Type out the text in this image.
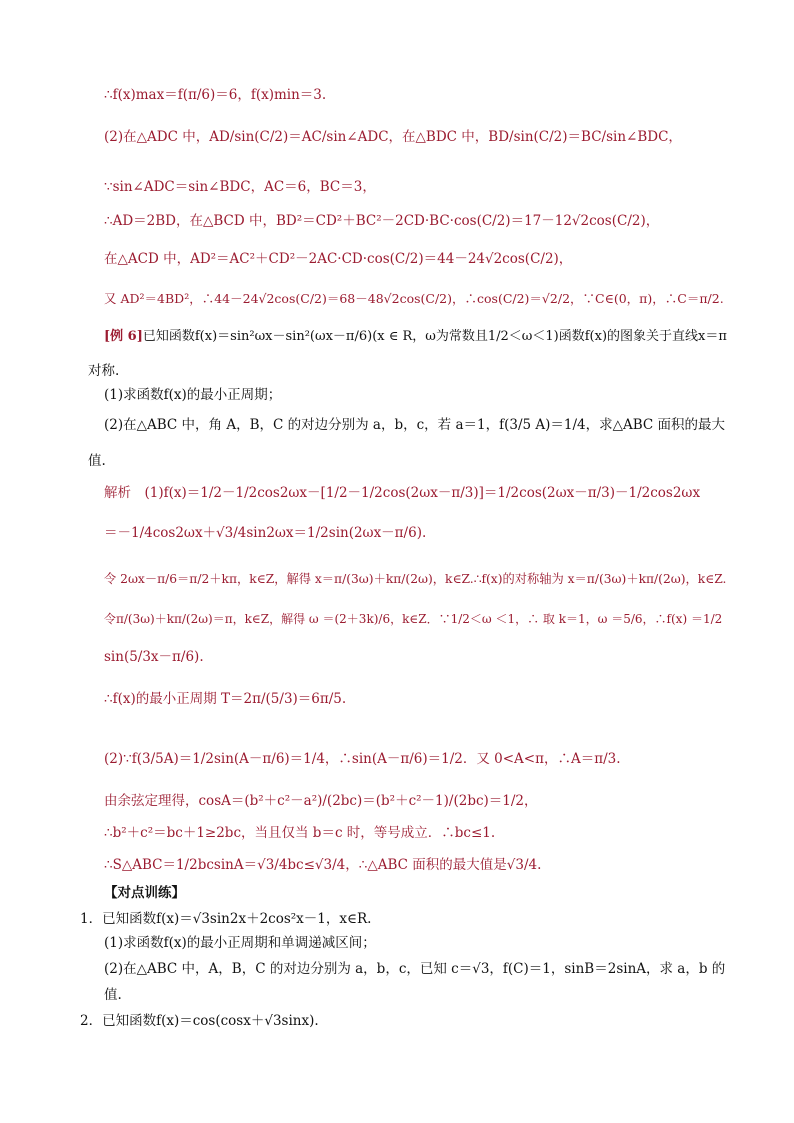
∴f(x)max＝f(π/6)＝6，f(x)min＝3.
(2)在△ADC 中，AD/sin(C/2)＝AC/sin∠ADC，在△BDC 中，BD/sin(C/2)＝BC/sin∠BDC，
∵sin∠ADC＝sin∠BDC，AC＝6，BC＝3，
∴AD＝2BD，在△BCD 中，BD²＝CD²＋BC²－2CD·BC·cos(C/2)＝17－12√2cos(C/2)，
在△ACD 中，AD²＝AC²＋CD²－2AC·CD·cos(C/2)＝44－24√2cos(C/2)，
又 AD²＝4BD²，∴44－24√2cos(C/2)＝68－48√2cos(C/2)，∴cos(C/2)＝√2/2，∵C∈(0，π)，∴C＝π/2.
[例 6]已知函数f(x)＝sin²ωx－sin²(ωx－π/6)(x ∈ R，ω为常数且1/2＜ω＜1)函数f(x)的图象关于直线x＝π
对称.
(1)求函数f(x)的最小正周期；
(2)在△ABC 中，角 A，B，C 的对边分别为 a，b，c，若 a＝1，f(3/5 A)＝1/4，求△ABC 面积的最大
值.
解析　(1)f(x)＝1/2－1/2cos2ωx－[1/2－1/2cos(2ωx－π/3)]＝1/2cos(2ωx－π/3)－1/2cos2ωx
＝－1/4cos2ωx＋√3/4sin2ωx＝1/2sin(2ωx－π/6).
令 2ωx－π/6＝π/2＋kπ，k∈Z，解得 x＝π/(3ω)＋kπ/(2ω)，k∈Z.∴f(x)的对称轴为 x＝π/(3ω)＋kπ/(2ω)，k∈Z.
令π/(3ω)＋kπ/(2ω)＝π，k∈Z，解得 ω ＝(2＋3k)/6，k∈Z．∵1/2＜ω ＜1，∴ 取 k＝1，ω ＝5/6，∴f(x) ＝1/2
sin(5/3x－π/6).
∴f(x)的最小正周期 T＝2π/(5/3)＝6π/5.
(2)∵f(3/5A)＝1/2sin(A－π/6)＝1/4，∴sin(A－π/6)＝1/2．又 0<A<π，∴A＝π/3.
由余弦定理得，cosA＝(b²＋c²－a²)/(2bc)＝(b²＋c²－1)/(2bc)＝1/2，
∴b²＋c²＝bc＋1≥2bc，当且仅当 b＝c 时，等号成立．∴bc≤1.
∴S△ABC＝1/2bcsinA＝√3/4bc≤√3/4，∴△ABC 面积的最大值是√3/4.
【对点训练】
1．已知函数f(x)＝√3sin2x＋2cos²x－1，x∈R.
(1)求函数f(x)的最小正周期和单调递减区间；
(2)在△ABC 中，A，B，C 的对边分别为 a，b，c，已知 c＝√3，f(C)＝1，sinB＝2sinA，求 a，b 的
值.
2．已知函数f(x)＝cos(cosx＋√3sinx).
